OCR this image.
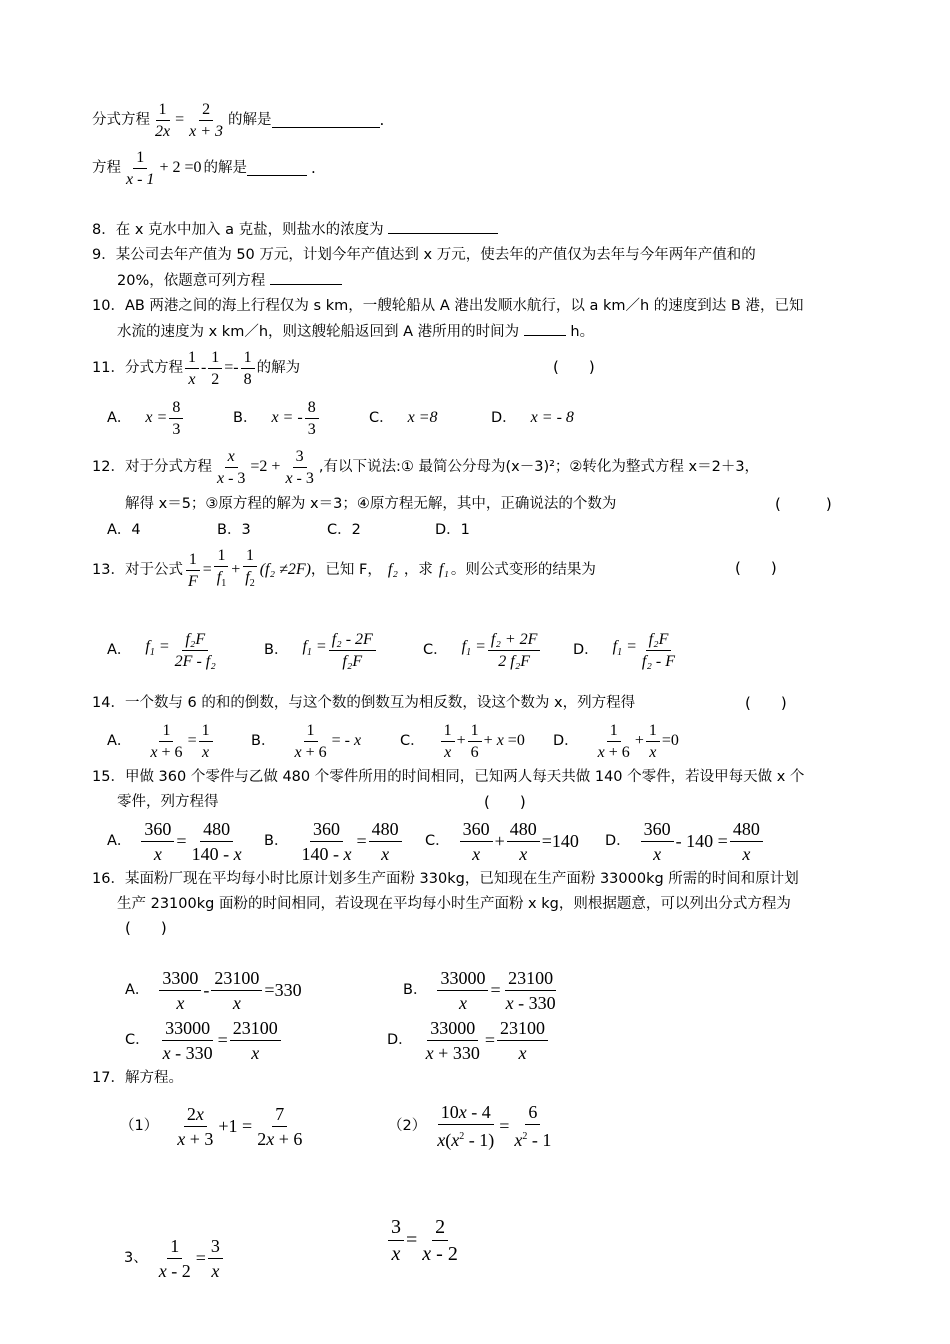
分式方程 $\frac{1}{2x} = \frac{2}{x + 3}$ 的解是	.
方程 $\frac{1}{x - 1} + 2 =0$ 的解是	.
8．在 x 克水中加入 a 克盐，则盐水的浓度为
9．某公司去年产值为 50 万元，计划今年产值达到 x 万元，使去年的产值仅为去年与今年两年产值和的
20%，依题意可列方程
10．AB 两港之间的海上行程仅为 s km，一艘轮船从 A 港出发顺水航行，以 a km／h 的速度到达 B 港，已知
水流的速度为 x km／h，则这艘轮船返回到 A 港所用的时间为	h。
11．分式方程 $\frac{1}{x} - \frac{1}{2} =- \frac{1}{8}$ 的解为	(　　)
A． $x = \frac{8}{3}$	B． x = - $\frac{8}{3}$	C． x =8	D． x = - 8
12．对于分式方程 $\frac{x}{x - 3} =2 + \frac{3}{x - 3}$ ,有以下说法:① 最简公分母为(x－3)²；②转化为整式方程 x＝2＋3，
解得 x＝5；③原方程的解为 x＝3；④原方程无解，其中，正确说法的个数为	(　　　)
A．4	B．3	C．2	D．1
13．对于公式 $\frac{1}{F} = \frac{1}{f_1} + \frac{1}{f_2} (f_2 \ne 2F)$ ，已知 F， f₂ ，求 f₁ 。则公式变形的结果为	(　　)
A． $f_1 = \frac{\text{f₂F}}{\text{2F - f₂}}$	B． $f_1 = \frac{\text{f₂ - 2F}}{\text{f₂F}}$	C． $f_1 = \frac{\text{f₂ + 2F}}{\text{2 f₂F}}$ D． $f_1 = \frac{\text{f₂F}}{\text{f₂ - F}}$
14．一个数与 6 的和的倒数，与这个数的倒数互为相反数，设这个数为 x，列方程得	(　　)
A． $\frac{1}{x + 6} = \frac{1}{x}$	B． $\frac{1}{x + 6}$ = - x	C． $\frac{1}{x} + \frac{1}{6} + x =0$ D． $\frac{1}{x + 6} + \frac{1}{x} =0$
15．甲做 360 个零件与乙做 480 个零件所用的时间相同，已知两人每天共做 140 个零件，若设甲每天做 x 个
零件，列方程得	(　　)
A． $\frac{360}{x} = \frac{480}{140 - x}$ B． $\frac{360}{140 - x} = \frac{480}{x}$ C． $\frac{360}{x} + \frac{480}{x} =140$ D． $\frac{360}{x} - 140 = \frac{480}{x}$
16．某面粉厂现在平均每小时比原计划多生产面粉 330kg，已知现在生产面粉 33000kg 所需的时间和原计划
生产 23100kg 面粉的时间相同，若设现在平均每小时生产面粉 x kg，则根据题意，可以列出分式方程为
(　　)
A． $\frac{3300}{x} - \frac{23100}{x} =330$	B． $\frac{33000}{x} = \frac{23100}{x - 330}$
C． $\frac{33000}{x - 330} = \frac{23100}{x}$	D． $\frac{33000}{x + 330} = \frac{23100}{x}$
17．解方程。
$(1) \frac{2x}{x + 3} +1 = \frac{7}{2x + 6}$	$(2) \frac{10x - 4}{x(x^2 - 1)} = \frac{6}{x^2 - 1}$
3、 $\frac{1}{x - 2} = \frac{3}{x}$	$\frac{3}{x} = \frac{2}{x - 2}$
